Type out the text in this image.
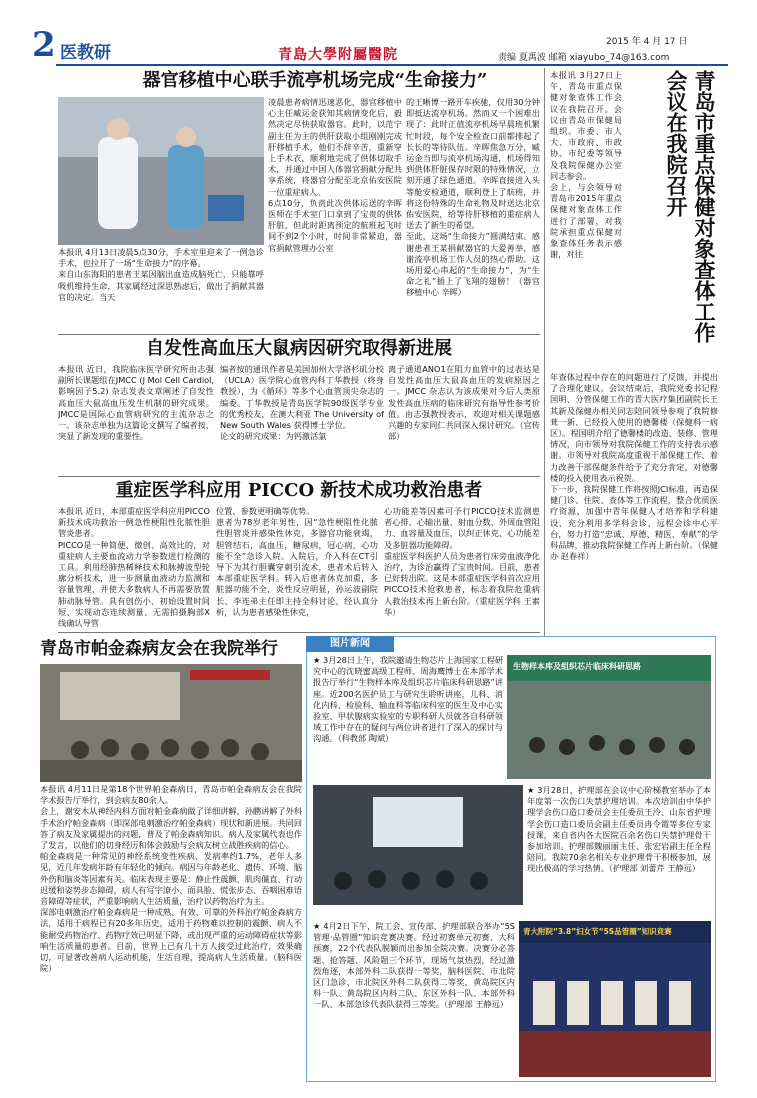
2 医教研	青島大學附屬醫院
2015 年 4 月 17 日
责编 夏禹波 邮箱 xiayubo_74@163.com
器官移植中心联手流亭机场完成“生命接力”
本报讯 4月13日凌晨5点30分，手术室里迎来了一例急诊手术，也拉开了一场“生命接力”的序幕。
来自山东海阳的患者王某因脑出血造成脑死亡，只能靠呼吸机维持生命，其家属经过深思熟虑后，做出了捐献其器官的决定。当天
凌晨患者病情迅速恶化，器官移植中心主任臧运金获知其病情变化后，毅然决定尽快获取器官。此时，以范宁副主任为主的供肝获取小组刚刚完成肝移植手术，他们不辞辛苦，重新穿上手术衣，顺利地完成了供体切取手术，并通过中国人体器官捐献分配共享系统，将器官分配至北京佑安医院一位重症病人。
6点10分，负责此次供体运送的辛晖医师在手术室门口拿到了宝贵的供体肝脏，但此时距离预定的航班起飞时间不到2个小时，时间非常紧迫，器官捐献管理办公室
的王晰博一路开车疾驰，仅用30分钟即抵达流亭机场。然而又一个困难出现了：此时正值流亭机场早晨班机繁忙时段，每个安全检查口前都排起了长长的等待队伍。辛晖焦急万分，臧运金当即与流亭机场沟通，机场得知到供体肝脏保存时限的特殊情况，立刻开通了绿色通道。辛晖直接进入头等舱安检通道，顺利登上了航班，并将这份特殊的生命礼物及时送达北京佑安医院，给等待肝移植的重症病人送去了新生的希望。
至此，这场“生命接力”圆满结束。感谢患者王某捐献器官的大爱善举，感谢流亭机场工作人员的热心帮助。这场用爱心串起的“生命接力”，为“生命之礼”插上了飞翔的翅膀！（器官移植中心 辛晖）
自发性高血压大鼠病因研究取得新进展
本报讯 近日，我院临床医学研究所由志强副所长课题组在JMCC (J Mol Cell Cardiol, 影响因子5.2) 杂志发表文章阐述了自发性高血压大鼠高血压发生机制的研究成果。JMCC是国际心血管病研究的主流杂志之一。该杂志单独为这篇论文撰写了编者按，突显了新发现的重要性。
编者按的通讯作者是美国加州大学洛杉矶分校（UCLA）医学院心血管内科丁华教授（终身教授），为《循环》等多个心血管顶尖杂志的编委。丁华教授是青岛医学院90级医学专业的优秀校友，在澳大利亚 The University of New South Wales 获得博士学位。
论文的研究成果：为钙激活氯
离子通道ANO1在阻力血管中的过表达是自发性高血压大鼠高血压的发病原因之一。JMCC 杂志认为该成果对今后人类原发性高血压病的临床研究有指导性参考价值。由志强教授表示，欢迎对相关课题感兴趣的专家同仁共同深入探讨研究。（官传部）
重症医学科应用 PICCO 新技术成功救治患者
本报讯 近日，本部重症医学科应用PICCO新技术成功救治一例急性梗阻性化脓性胆管炎患者。
PICCO是一种简便、微创、高效比的，对重症病人主要血流动力学参数进行检测的工具。利用经肺热稀释技术和脉搏波型轮廓分析技术，进一步测量血液动力监测和容量管理，并使大多数病人不再需要放置肺动脉导管。具有创伤小、初始设置时间短、实现动态连续测量、无需拍摄胸部X线确认导管
位置、参数更明确等优势。
患者为78岁老年男性，因“急性梗阻性化脓性胆管炎并感染性休克，多器官功能衰竭，胆管结石，高血压，糖尿病，冠心病，心功能不全”急诊入院。入院后，介入科在CT引导下为其行胆囊穿刺引流术，患者术后转入本部重症医学科。转入后患者休克加重，多脏器功能不全，炎性反应明显，孙运波副院长、李连弟主任即主持全科讨论，经认真分析，认为患者感染性休克，
心功能差等因素可予行PICCO技术监测患者心排、心输出量、射血分数、外周血管阻力、血容量及血压，以纠正休克、心功能差及多脏器功能障碍。
重症医学科医护人员为患者行床旁血液净化治疗，为诊治赢得了宝贵时间。目前，患者已好转出院。这是本部重症医学科首次应用PICCO技术抢救患者，标志着我院危重病人救治技术再上新台阶。（重症医学科 王素华）
本报讯 3月27日上午，青岛市重点保健对象查体工作会议在我院召开。会议由青岛市保健局组织。市委、市人大、市政府、市政协、市纪委等领导及我院保健办公室同志参会。
会上，与会领导对青岛市2015年重点保健对象查体工作进行了部署，对我院承担重点保健对象查体任务表示感谢，对往	青岛市重点保健对象查体工作会议在我院召开
年查体过程中存在的问题进行了反馈，并提出了合理化建议。会议结束后，我院党委书记程国明、分管保健工作的青大医疗集团副院长王其新及保健办相关同志陪同领导参观了我院修葺一新、已经投入使用的德馨楼（保健科一病区）。程国明介绍了德馨楼的改造、装修、管理情况，向市领导对我院保健工作的支持表示感谢。市领导对我院高度重视干部保健工作、着力改善干部保健条件给予了充分肯定，对德馨楼的投入使用表示祝贺。
下一步，我院保健工作将按照JCI标准，再造保健门诊、住院、查体等工作流程，整合优质医疗资源，加强中青年保健人才培养和学科建设，充分利用多学科会诊、远程会诊中心平台，努力打造“忠诚、厚德、精医、奉献”的学科品牌，推动我院保健工作再上新台阶。（保健办 赵春祥）
青岛市帕金森病友会在我院举行
本报讯 4月11日是第18个世界帕金森病日，青岛市帕金森病友会在我院学术报告厅举行，到会病友80余人。
会上，谢安木从神经内科方面对帕金森病做了详细讲解，孙鹏讲解了外科手术治疗帕金森病（即深部电刺激治疗帕金森病）现状和新进展。共同回答了病友及家属提出的问题，普及了帕金森病知识。病人及家属代表也作了发言，以他们的切身经历和体会鼓励与会病友树立战胜疾病的信心。
帕金森病是一种常见的神经系统变性疾病，发病率约1.7%，老年人多见，近几年发病年龄有年轻化的倾向。病因与年龄老化、遗传、环境、脑外伤和脑炎等因素有关。临床表现主要是：静止性震颤、肌肉僵直、行动迟缓和姿势步态障碍，病人有写字潦小、面具脸、慌张步态、吞咽困难语音障碍等症状，严重影响病人生活质量，治疗以药物治疗为主。
深部电刺激治疗帕金森病是一种成熟、有效、可靠的外科治疗帕金森病方法，适用于病程已有20多年历史，适用于药物难以控制的震颤、病人不能耐受药物治疗、药物疗效已明显下降，或出现严重的运动障碍症状等影响生活质量的患者。目前，世界上已有几十万人接受过此治疗，效果确切，可显著改善病人运动机能，生活自理，提高病人生活质量。（脑科医院）
图片新闻
★ 3月28日上午，我院邀请生物芯片上海国家工程研究中心的沈晓蜜高级工程师、周海鹰博士在本部学术报告厅举行“生物样本库及组织芯片临床科研思路”讲座。近200名医护员工与研究生聆听讲座，儿科、消化内科、检验科、输血科等临床科室的医生及中心实验室、甲状腺病实验室的专职科研人员就各自科研领域工作中存在的疑问与两位讲者进行了深入的探讨与沟通。（科教部 陶斌）
生物样本库及组织芯片临床科研思路
★ 3月28日，护理部在会议中心阶梯教室举办了本年度第一次伤口失禁护理培训。本次培训由中华护理学会伤口造口委员会主任委员王泠、山东省护理学会伤口造口委员会副主任委员冉令霞等多位专家授课，来自省内各大医院百余名伤口失禁护理骨干参加培训。护理部魏丽丽主任、张宏岩副主任全程陪同。我院70余名相关专业护理骨干积极参加，展现出极高的学习热情。（护理部 刘蕾芹 王静远）
★ 4月2日下午，院工会、宣传部、护理部联合举办“5S管理·品管圈”知识竞赛决赛。经过初赛单元初赛、大科预赛，22个代表队脱颖而出参加全院决赛。决赛分必答题、抢答题、风险题三个环节，现场气氛热烈，经过激烈角逐，本部外科二队获得一等奖，脑科医院、市北院区门急诊、市北院区外科二队获得二等奖，黄岛院区内科一队、黄岛院区内科二队、东区外科一队、本部外科一队、本部急诊代表队获得三等奖。（护理部 王静远）
青大附院“3.8”妇女节“5S品管圈”知识竞赛
